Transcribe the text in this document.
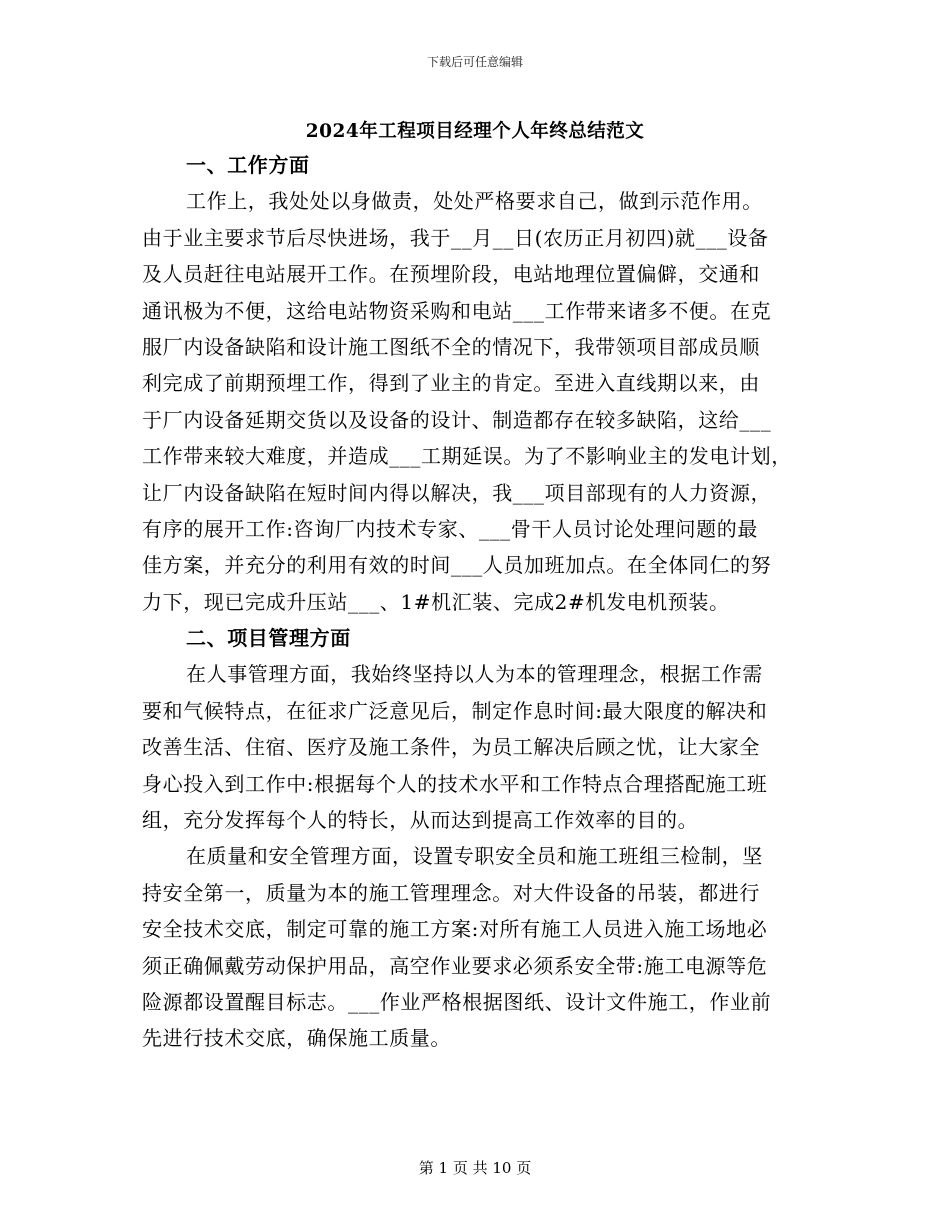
下载后可任意编辑
2024年工程项目经理个人年终总结范文
一、工作方面
工作上，我处处以身做责，处处严格要求自己，做到示范作用。
由于业主要求节后尽快进场，我于__月__日(农历正月初四)就___设备
及人员赶往电站展开工作。在预埋阶段，电站地理位置偏僻，交通和
通讯极为不便，这给电站物资采购和电站___工作带来诸多不便。在克
服厂内设备缺陷和设计施工图纸不全的情况下，我带领项目部成员顺
利完成了前期预埋工作，得到了业主的肯定。至进入直线期以来，由
于厂内设备延期交货以及设备的设计、制造都存在较多缺陷，这给___
工作带来较大难度，并造成___工期延误。为了不影响业主的发电计划，
让厂内设备缺陷在短时间内得以解决，我___项目部现有的人力资源，
有序的展开工作:咨询厂内技术专家、___骨干人员讨论处理问题的最
佳方案，并充分的利用有效的时间___人员加班加点。在全体同仁的努
力下，现已完成升压站___、1#机汇装、完成2#机发电机预装。
二、项目管理方面
在人事管理方面，我始终坚持以人为本的管理理念，根据工作需
要和气候特点，在征求广泛意见后，制定作息时间:最大限度的解决和
改善生活、住宿、医疗及施工条件，为员工解决后顾之忧，让大家全
身心投入到工作中:根据每个人的技术水平和工作特点合理搭配施工班
组，充分发挥每个人的特长，从而达到提高工作效率的目的。
在质量和安全管理方面，设置专职安全员和施工班组三检制，坚
持安全第一，质量为本的施工管理理念。对大件设备的吊装，都进行
安全技术交底，制定可靠的施工方案:对所有施工人员进入施工场地必
须正确佩戴劳动保护用品，高空作业要求必须系安全带:施工电源等危
险源都设置醒目标志。___作业严格根据图纸、设计文件施工，作业前
先进行技术交底，确保施工质量。
第 1 页 共 10 页
